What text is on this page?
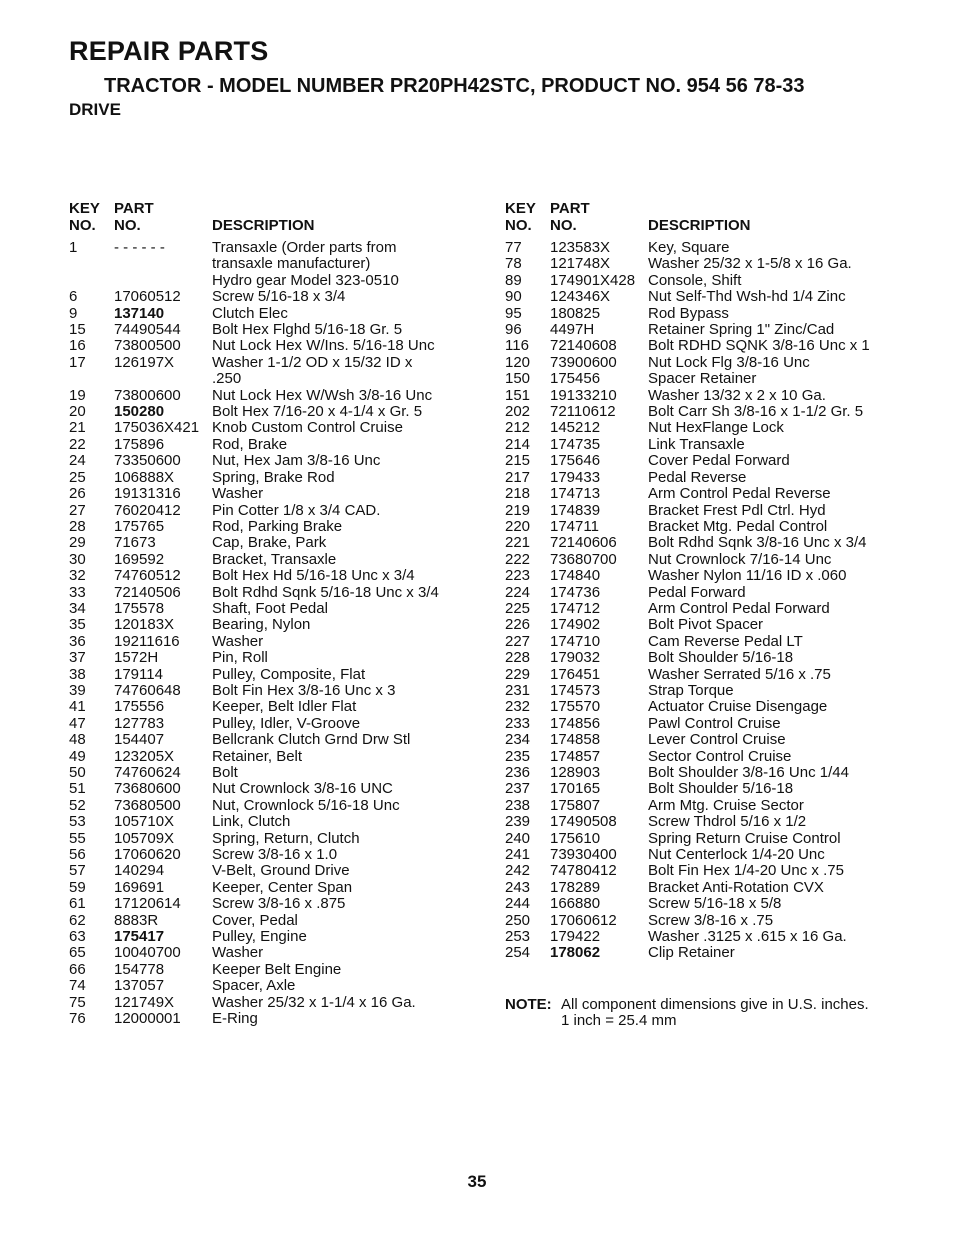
REPAIR PARTS
TRACTOR - MODEL NUMBER PR20PH42STC, PRODUCT NO. 954 56 78-33
DRIVE
KEY
NO.
PART
NO.	DESCRIPTION
1	- - - - - -	Transaxle (Order parts from
transaxle manufacturer)
Hydro gear Model 323-0510
6	17060512	Screw 5/16-18 x 3/4
9	137140	Clutch Elec
15	74490544	Bolt Hex Flghd 5/16-18 Gr. 5
16	73800500	Nut Lock Hex W/Ins. 5/16-18 Unc
17	126197X	Washer 1-1/2 OD x 15/32 ID x
.250
19	73800600	Nut Lock Hex W/Wsh 3/8-16 Unc
20	150280	Bolt Hex 7/16-20 x 4-1/4 x Gr. 5
21	175036X421 Knob Custom Control Cruise
22	175896	Rod, Brake
24	73350600	Nut, Hex Jam 3/8-16 Unc
25	106888X	Spring, Brake Rod
26	19131316	Washer
27	76020412	Pin Cotter 1/8 x 3/4 CAD.
28	175765	Rod, Parking Brake
29	71673	Cap, Brake, Park
30	169592	Bracket, Transaxle
32	74760512	Bolt Hex Hd 5/16-18 Unc x 3/4
33	72140506	Bolt Rdhd Sqnk 5/16-18 Unc x 3/4
34	175578	Shaft, Foot Pedal
35	120183X	Bearing, Nylon
36	19211616	Washer
37	1572H	Pin, Roll
38	179114	Pulley, Composite, Flat
39	74760648	Bolt Fin Hex 3/8-16 Unc x 3
41	175556	Keeper, Belt Idler Flat
47	127783	Pulley, Idler, V-Groove
48	154407	Bellcrank Clutch Grnd Drw Stl
49	123205X	Retainer, Belt
50	74760624	Bolt
51	73680600	Nut Crownlock 3/8-16 UNC
52	73680500	Nut, Crownlock 5/16-18 Unc
53	105710X	Link, Clutch
55	105709X	Spring, Return, Clutch
56	17060620	Screw 3/8-16 x 1.0
57	140294	V-Belt, Ground Drive
59	169691	Keeper, Center Span
61	17120614	Screw 3/8-16 x .875
62	8883R	Cover, Pedal
63	175417	Pulley, Engine
65	10040700	Washer
66	154778	Keeper Belt Engine
74	137057	Spacer, Axle
75	121749X	Washer 25/32 x 1-1/4 x 16 Ga.
76	12000001	E-Ring
KEY
NO.
PART
NO.	DESCRIPTION
77	123583X	Key, Square
78	121748X	Washer 25/32 x 1-5/8 x 16 Ga.
89	174901X428 Console, Shift
90	124346X	Nut Self-Thd Wsh-hd 1/4 Zinc
95	180825	Rod Bypass
96	4497H	Retainer Spring 1" Zinc/Cad
116	72140608	Bolt RDHD SQNK 3/8-16 Unc x 1
120	73900600	Nut Lock Flg 3/8-16 Unc
150	175456	Spacer Retainer
151	19133210	Washer 13/32 x 2 x 10 Ga.
202	72110612	Bolt Carr Sh 3/8-16 x 1-1/2 Gr. 5
212	145212	Nut HexFlange Lock
214	174735	Link Transaxle
215	175646	Cover Pedal Forward
217	179433	Pedal Reverse
218	174713	Arm Control Pedal Reverse
219	174839	Bracket Frest Pdl Ctrl. Hyd
220	174711	Bracket Mtg. Pedal Control
221	72140606	Bolt Rdhd Sqnk 3/8-16 Unc x 3/4
222	73680700	Nut Crownlock 7/16-14 Unc
223	174840	Washer Nylon 11/16 ID x .060
224	174736	Pedal Forward
225	174712	Arm Control Pedal Forward
226	174902	Bolt Pivot Spacer
227	174710	Cam Reverse Pedal LT
228	179032	Bolt Shoulder 5/16-18
229	176451	Washer Serrated 5/16 x .75
231	174573	Strap Torque
232	175570	Actuator Cruise Disengage
233	174856	Pawl Control Cruise
234	174858	Lever Control Cruise
235	174857	Sector Control Cruise
236	128903	Bolt Shoulder 3/8-16 Unc 1/44
237	170165	Bolt Shoulder 5/16-18
238	175807	Arm Mtg. Cruise Sector
239	17490508	Screw Thdrol 5/16 x 1/2
240	175610	Spring Return Cruise Control
241	73930400	Nut Centerlock 1/4-20 Unc
242	74780412	Bolt Fin Hex 1/4-20 Unc x .75
243	178289	Bracket Anti-Rotation CVX
244	166880	Screw 5/16-18 x 5/8
250	17060612	Screw 3/8-16 x .75
253	179422	Washer .3125 x .615 x 16 Ga.
254	178062	Clip Retainer
NOTE: All component dimensions give in U.S. inches.
1 inch = 25.4 mm
35
